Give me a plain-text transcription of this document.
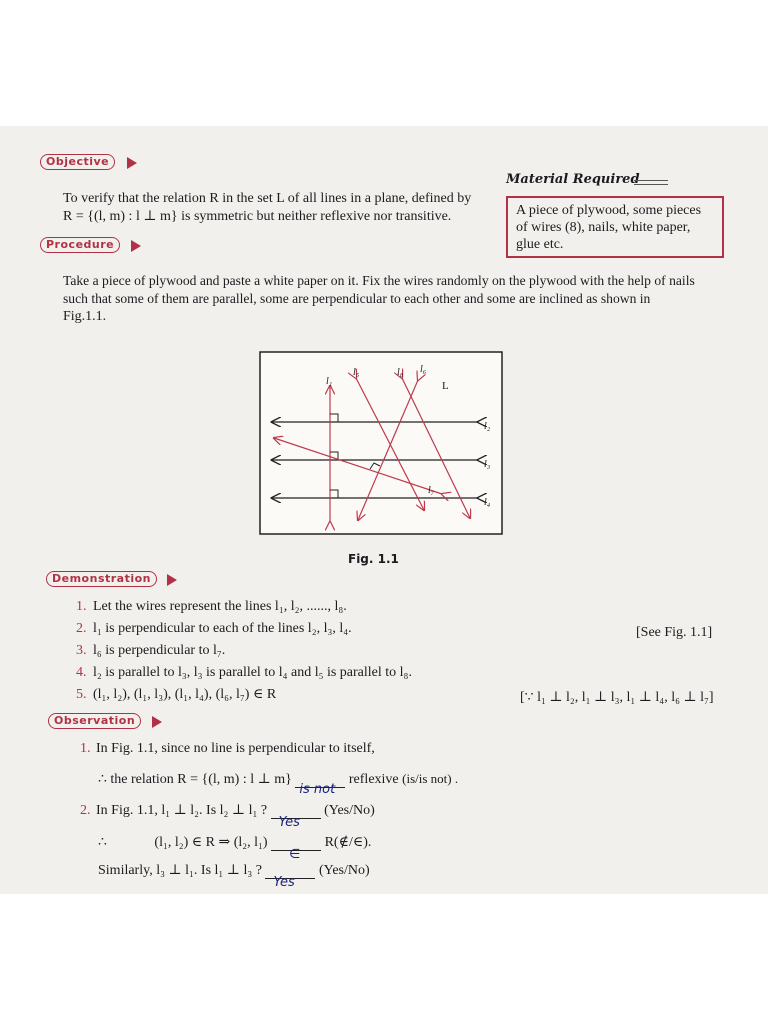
Objective
To verify that the relation R in the set L of all lines in a plane, defined by
R = {(l, m) : l ⊥ m} is symmetric but neither reflexive nor transitive.
Material Required
A piece of plywood, some pieces
of wires (8), nails, white paper,
glue etc.
Procedure
Take a piece of plywood and paste a white paper on it. Fix the wires randomly on the plywood with the help of nails
such that some of them are parallel, some are perpendicular to each other and some are inclined as shown in
Fig.1.1.
l₁
l₅	l₈ l₆
L
l₂
l₃
l₄
l₇
Fig. 1.1
Demonstration
1. Let the wires represent the lines l₁, l₂, ......, l₈.
2. l₁ is perpendicular to each of the lines l₂, l₃, l₄.	[See Fig. 1.1]
3. l₆ is perpendicular to l₇.
4. l₂ is parallel to l₃, l₃ is parallel to l₄ and l₅ is parallel to l₈.
5. (l₁, l₂), (l₁, l₃), (l₁, l₄), (l₆, l₇) ∈ R	[∵ l₁ ⊥ l₂, l₁ ⊥ l₃, l₁ ⊥ l₄, l₆ ⊥ l₇]
Observation
1. In Fig. 1.1, since no line is perpendicular to itself,
∴ the relation R = {(l, m) : l ⊥ m}
is not
reflexive (is/is not) .
2. In Fig. 1.1, l₁ ⊥ l₂. Is l₂ ⊥ l₁ ?
Yes
(Yes/No)
∴	(l₁, l₂) ∈ R ⇒ (l₂, l₁)
∈
R(∉/∈).
Similarly, l₃ ⊥ l₁. Is l₁ ⊥ l₃ ?
Yes
(Yes/No)
